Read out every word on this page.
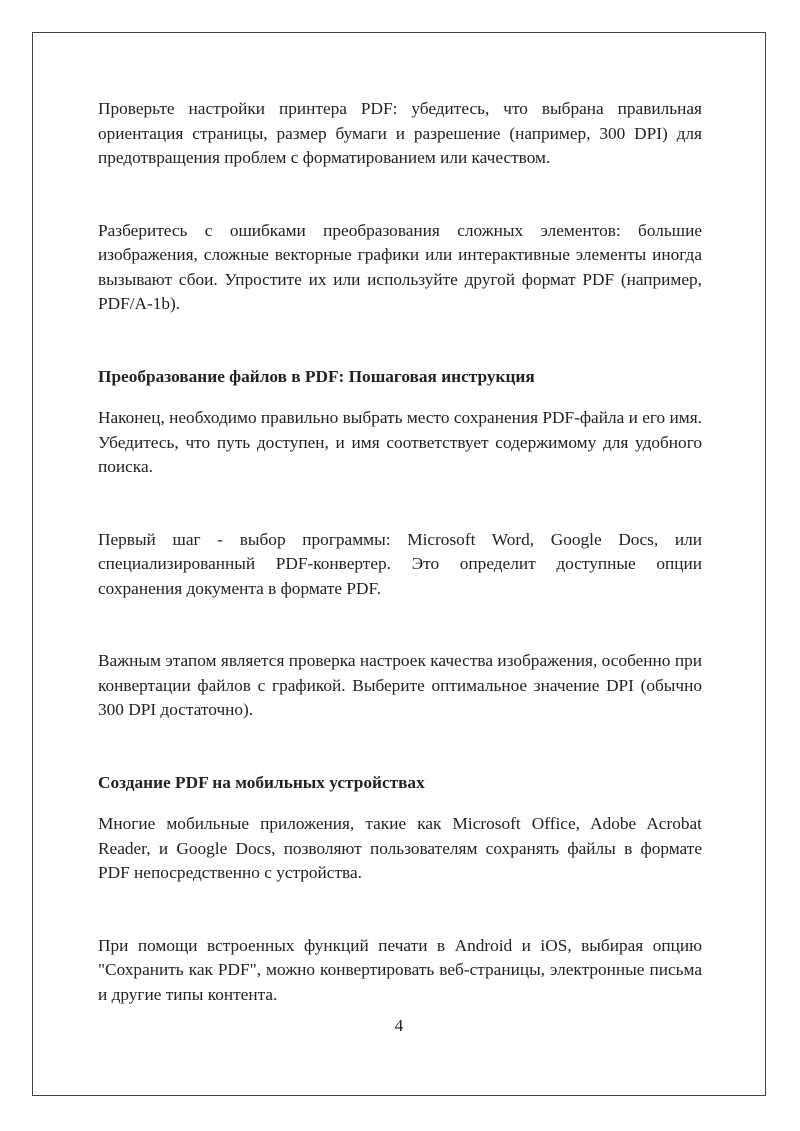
Проверьте настройки принтера PDF: убедитесь, что выбрана правильная ориентация страницы, размер бумаги и разрешение (например, 300 DPI) для предотвращения проблем с форматированием или качеством.

Разберитесь с ошибками преобразования сложных элементов: большие изображения, сложные векторные графики или интерактивные элементы иногда вызывают сбои. Упростите их или используйте другой формат PDF (например, PDF/A-1b).

Преобразование файлов в PDF: Пошаговая инструкция

Наконец, необходимо правильно выбрать место сохранения PDF-файла и его имя. Убедитесь, что путь доступен, и имя соответствует содержимому для удобного поиска.

Первый шаг - выбор программы: Microsoft Word, Google Docs, или специализированный PDF-конвертер. Это определит доступные опции сохранения документа в формате PDF.

Важным этапом является проверка настроек качества изображения, особенно при конвертации файлов с графикой. Выберите оптимальное значение DPI (обычно 300 DPI достаточно).

Создание PDF на мобильных устройствах

Многие мобильные приложения, такие как Microsoft Office, Adobe Acrobat Reader, и Google Docs, позволяют пользователям сохранять файлы в формате PDF непосредственно с устройства.

При помощи встроенных функций печати в Android и iOS, выбирая опцию "Сохранить как PDF", можно конвертировать веб-страницы, электронные письма и другие типы контента.

4
